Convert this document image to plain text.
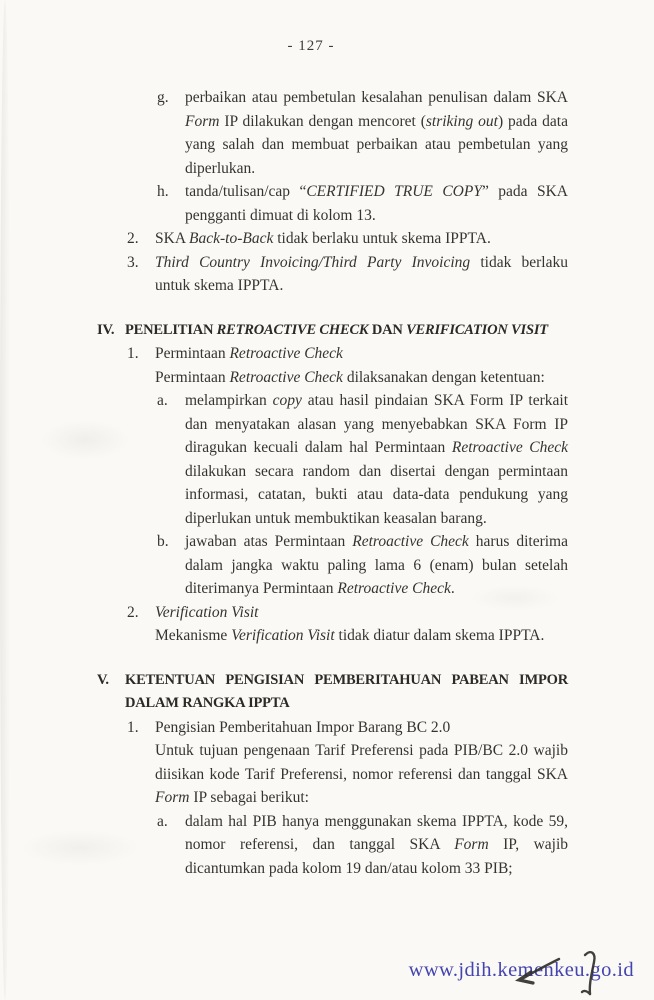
- 127 -
g.	perbaikan atau pembetulan kesalahan penulisan dalam SKA Form IP dilakukan dengan mencoret (striking out) pada data yang salah dan membuat perbaikan atau pembetulan yang diperlukan.

h.	tanda/tulisan/cap “CERTIFIED TRUE COPY” pada SKA pengganti dimuat di kolom 13.

2.	SKA Back-to-Back tidak berlaku untuk skema IPPTA.

3.	Third Country Invoicing/Third Party Invoicing tidak berlaku untuk skema IPPTA.

IV. PENELITIAN RETROACTIVE CHECK DAN VERIFICATION VISIT

1.	Permintaan Retroactive Check

Permintaan Retroactive Check dilaksanakan dengan ketentuan:

a.	melampirkan copy atau hasil pindaian SKA Form IP terkait dan menyatakan alasan yang menyebabkan SKA Form IP diragukan kecuali dalam hal Permintaan Retroactive Check dilakukan secara random dan disertai dengan permintaan informasi, catatan, bukti atau data-data pendukung yang diperlukan untuk membuktikan keasalan barang.

b.	jawaban atas Permintaan Retroactive Check harus diterima dalam jangka waktu paling lama 6 (enam) bulan setelah diterimanya Permintaan Retroactive Check.

2.	Verification Visit

Mekanisme Verification Visit tidak diatur dalam skema IPPTA.

V.	KETENTUAN PENGISIAN PEMBERITAHUAN PABEAN IMPOR

DALAM RANGKA IPPTA

1.	Pengisian Pemberitahuan Impor Barang BC 2.0

Untuk tujuan pengenaan Tarif Preferensi pada PIB/BC 2.0 wajib diisikan kode Tarif Preferensi, nomor referensi dan tanggal SKA Form IP sebagai berikut:

a.	dalam hal PIB hanya menggunakan skema IPPTA, kode 59, nomor referensi, dan tanggal SKA Form IP, wajib dicantumkan pada kolom 19 dan/atau kolom 33 PIB;

www.jdih.kemenkeu.go.id
